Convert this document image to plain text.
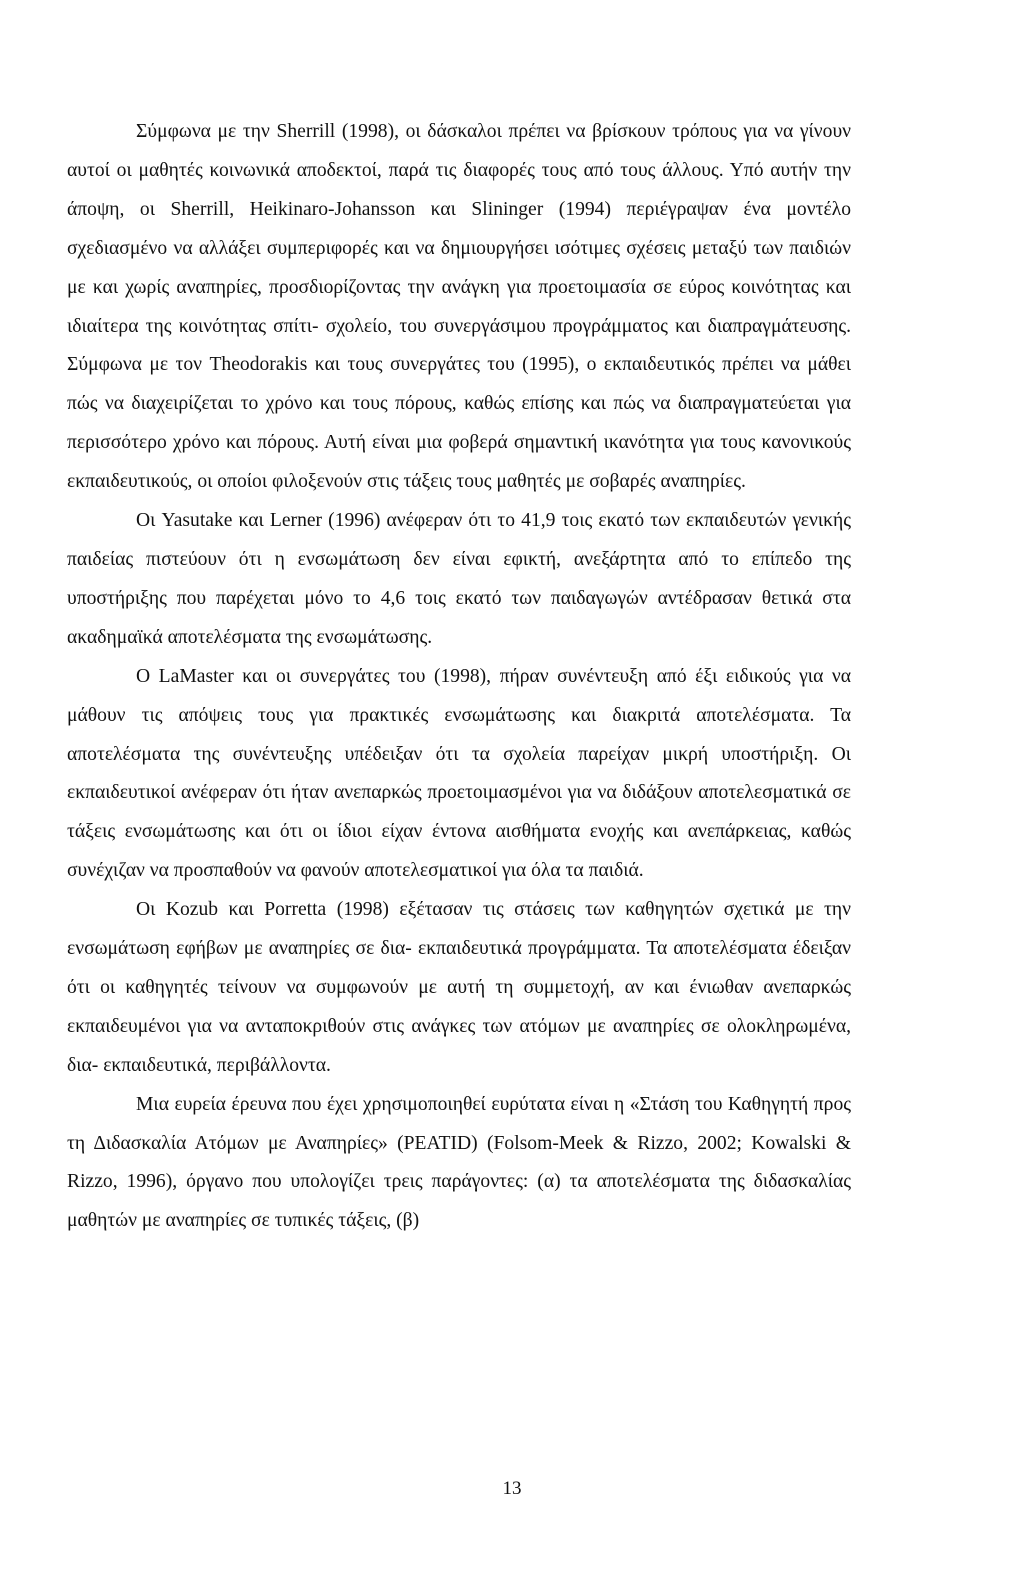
Σύμφωνα με την Sherrill (1998), οι δάσκαλοι πρέπει να βρίσκουν τρόπους για να γίνουν αυτοί οι μαθητές κοινωνικά αποδεκτοί, παρά τις διαφορές τους από τους άλλους. Υπό αυτήν την άποψη, οι Sherrill, Heikinaro-Johansson και Slininger (1994) περιέγραψαν ένα μοντέλο σχεδιασμένο να αλλάξει συμπεριφορές και να δημιουργήσει ισότιμες σχέσεις μεταξύ των παιδιών με και χωρίς αναπηρίες, προσδιορίζοντας την ανάγκη για προετοιμασία σε εύρος κοινότητας και ιδιαίτερα της κοινότητας σπίτι- σχολείο, του συνεργάσιμου προγράμματος και διαπραγμάτευσης. Σύμφωνα με τον Theodorakis και τους συνεργάτες του (1995), ο εκπαιδευτικός πρέπει να μάθει πώς να διαχειρίζεται το χρόνο και τους πόρους, καθώς επίσης και πώς να διαπραγματεύεται για περισσότερο χρόνο και πόρους. Αυτή είναι μια φοβερά σημαντική ικανότητα για τους κανονικούς εκπαιδευτικούς, οι οποίοι φιλοξενούν στις τάξεις τους μαθητές με σοβαρές αναπηρίες.

Οι Yasutake και Lerner (1996) ανέφεραν ότι το 41,9 τοις εκατό των εκπαιδευτών γενικής παιδείας πιστεύουν ότι η ενσωμάτωση δεν είναι εφικτή, ανεξάρτητα από το επίπεδο της υποστήριξης που παρέχεται μόνο το 4,6 τοις εκατό των παιδαγωγών αντέδρασαν θετικά στα ακαδημαϊκά αποτελέσματα της ενσωμάτωσης.

Ο LaMaster και οι συνεργάτες του (1998), πήραν συνέντευξη από έξι ειδικούς για να μάθουν τις απόψεις τους για πρακτικές ενσωμάτωσης και διακριτά αποτελέσματα. Τα αποτελέσματα της συνέντευξης υπέδειξαν ότι τα σχολεία παρείχαν μικρή υποστήριξη. Οι εκπαιδευτικοί ανέφεραν ότι ήταν ανεπαρκώς προετοιμασμένοι για να διδάξουν αποτελεσματικά σε τάξεις ενσωμάτωσης και ότι οι ίδιοι είχαν έντονα αισθήματα ενοχής και ανεπάρκειας, καθώς συνέχιζαν να προσπαθούν να φανούν αποτελεσματικοί για όλα τα παιδιά.

Οι Kozub και Porretta (1998) εξέτασαν τις στάσεις των καθηγητών σχετικά με την ενσωμάτωση εφήβων με αναπηρίες σε δια- εκπαιδευτικά προγράμματα. Τα αποτελέσματα έδειξαν ότι οι καθηγητές τείνουν να συμφωνούν με αυτή τη συμμετοχή, αν και ένιωθαν ανεπαρκώς εκπαιδευμένοι για να ανταποκριθούν στις ανάγκες των ατόμων με αναπηρίες σε ολοκληρωμένα, δια- εκπαιδευτικά, περιβάλλοντα.

Μια ευρεία έρευνα που έχει χρησιμοποιηθεί ευρύτατα είναι η «Στάση του Καθηγητή προς τη Διδασκαλία Ατόμων με Αναπηρίες» (PEATID) (Folsom-Meek & Rizzo, 2002; Kowalski & Rizzo, 1996), όργανο που υπολογίζει τρεις παράγοντες: (α) τα αποτελέσματα της διδασκαλίας μαθητών με αναπηρίες σε τυπικές τάξεις, (β)

13
